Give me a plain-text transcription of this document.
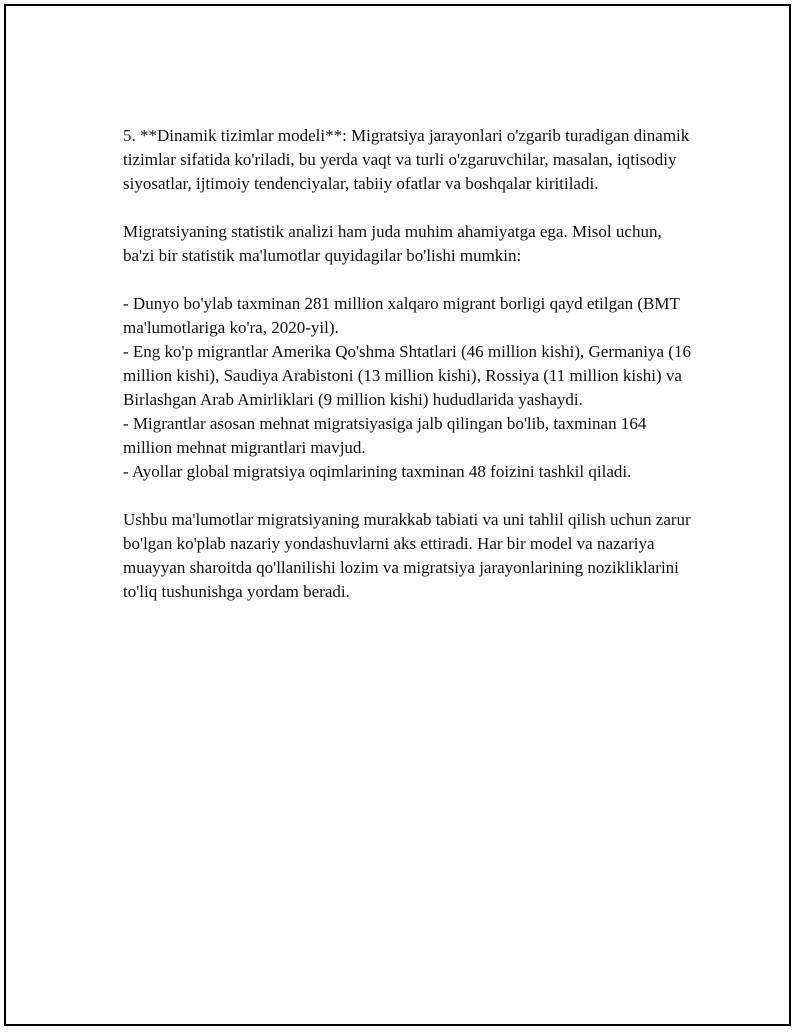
5. **Dinamik tizimlar modeli**: Migratsiya jarayonlari o'zgarib turadigan dinamik tizimlar sifatida ko'riladi, bu yerda vaqt va turli o'zgaruvchilar, masalan, iqtisodiy siyosatlar, ijtimoiy tendenciyalar, tabiiy ofatlar va boshqalar kiritiladi.

Migratsiyaning statistik analizi ham juda muhim ahamiyatga ega. Misol uchun, ba'zi bir statistik ma'lumotlar quyidagilar bo'lishi mumkin:

- Dunyo bo'ylab taxminan 281 million xalqaro migrant borligi qayd etilgan (BMT ma'lumotlariga ko'ra, 2020-yil).

- Eng ko'p migrantlar Amerika Qo'shma Shtatlari (46 million kishi), Germaniya (16 million kishi), Saudiya Arabistoni (13 million kishi), Rossiya (11 million kishi) va Birlashgan Arab Amirliklari (9 million kishi) hududlarida yashaydi.

- Migrantlar asosan mehnat migratsiyasiga jalb qilingan bo'lib, taxminan 164 million mehnat migrantlari mavjud.

- Ayollar global migratsiya oqimlarining taxminan 48 foizini tashkil qiladi.

Ushbu ma'lumotlar migratsiyaning murakkab tabiati va uni tahlil qilish uchun zarur bo'lgan ko'plab nazariy yondashuvlarni aks ettiradi. Har bir model va nazariya muayyan sharoitda qo'llanilishi lozim va migratsiya jarayonlarining nozikliklarini to'liq tushunishga yordam beradi.
